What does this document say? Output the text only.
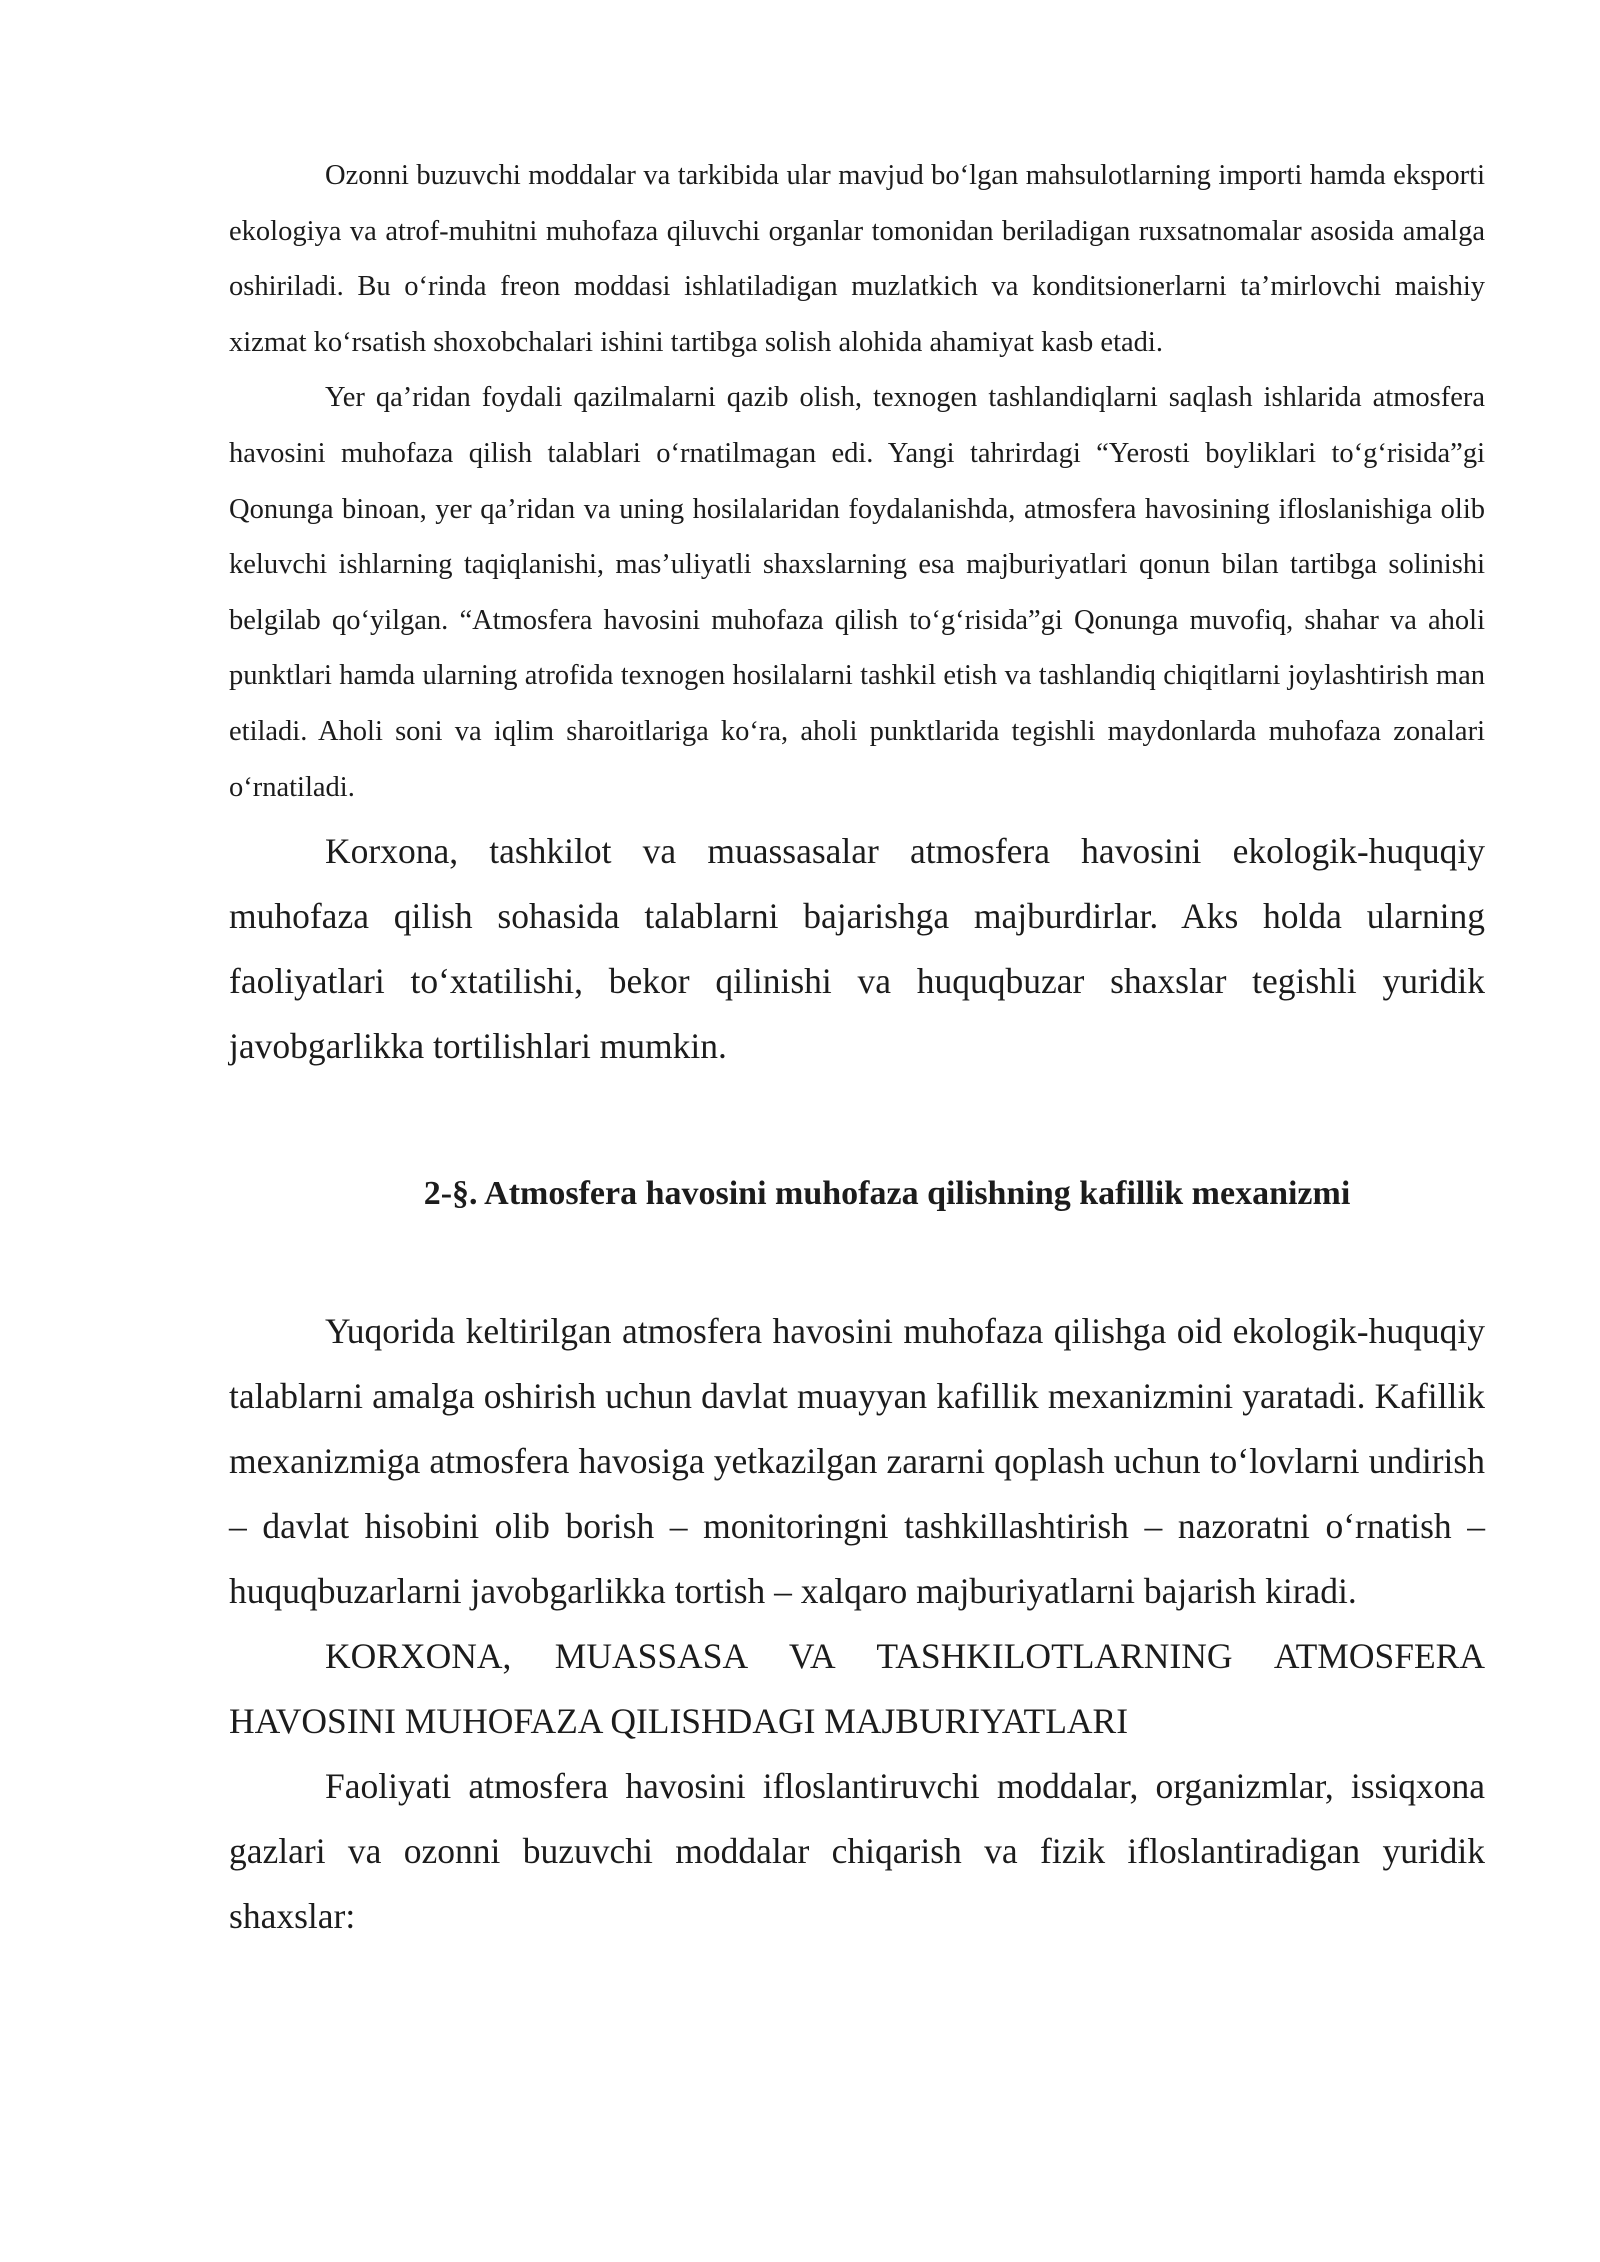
Ozonni buzuvchi moddalar va tarkibida ular mavjud bo‘lgan mahsulotlarning importi hamda eksporti ekologiya va atrof-muhitni muhofaza qiluvchi organlar tomonidan beriladigan ruxsatnomalar asosida amalga oshiriladi. Bu o‘rinda freon moddasi ishlatiladigan muzlatkich va konditsionerlarni ta’mirlovchi maishiy xizmat ko‘rsatish shoxobchalari ishini tartibga solish alohida ahamiyat kasb etadi.

Yer qa’ridan foydali qazilmalarni qazib olish, texnogen tashlandiqlarni saqlash ishlarida atmosfera havosini muhofaza qilish talablari o‘rnatilmagan edi. Yangi tahrirdagi “Yerosti boyliklari to‘g‘risida”gi Qonunga binoan, yer qa’ridan va uning hosilalaridan foydalanishda, atmosfera havosining ifloslanishiga olib keluvchi ishlarning taqiqlanishi, mas’uliyatli shaxslarning esa majburiyatlari qonun bilan tartibga solinishi belgilab qo‘yilgan. “Atmosfera havosini muhofaza qilish to‘g‘risida”gi Qonunga muvofiq, shahar va aholi punktlari hamda ularning atrofida texnogen hosilalarni tashkil etish va tashlandiq chiqitlarni joylashtirish man etiladi. Aholi soni va iqlim sharoitlariga ko‘ra, aholi punktlarida tegishli maydonlarda muhofaza zonalari o‘rnatiladi.

Korxona, tashkilot va muassasalar atmosfera havosini ekologik-huquqiy muhofaza qilish sohasida talablarni bajarishga majburdirlar. Aks holda ularning faoliyatlari to‘xtatilishi, bekor qilinishi va huquqbuzar shaxslar tegishli yuridik javobgarlikka tortilishlari mumkin.

2-§. Atmosfera havosini muhofaza qilishning kafillik mexanizmi

Yuqorida keltirilgan atmosfera havosini muhofaza qilishga oid ekologik-huquqiy talablarni amalga oshirish uchun davlat muayyan kafillik mexanizmini yaratadi. Kafillik mexanizmiga atmosfera havosiga yetkazilgan zararni qoplash uchun to‘lovlarni undirish – davlat hisobini olib borish – monitoringni tashkillashtirish – nazoratni o‘rnatish – huquqbuzarlarni javobgarlikka tortish – xalqaro majburiyatlarni bajarish kiradi.

KORXONA, MUASSASA VA TASHKILOTLARNING ATMOSFERA HAVOSINI MUHOFAZA QILISHDAGI MAJBURIYATLARI

Faoliyati atmosfera havosini ifloslantiruvchi moddalar, organizmlar, issiqxona gazlari va ozonni buzuvchi moddalar chiqarish va fizik ifloslantiradigan yuridik shaxslar:
